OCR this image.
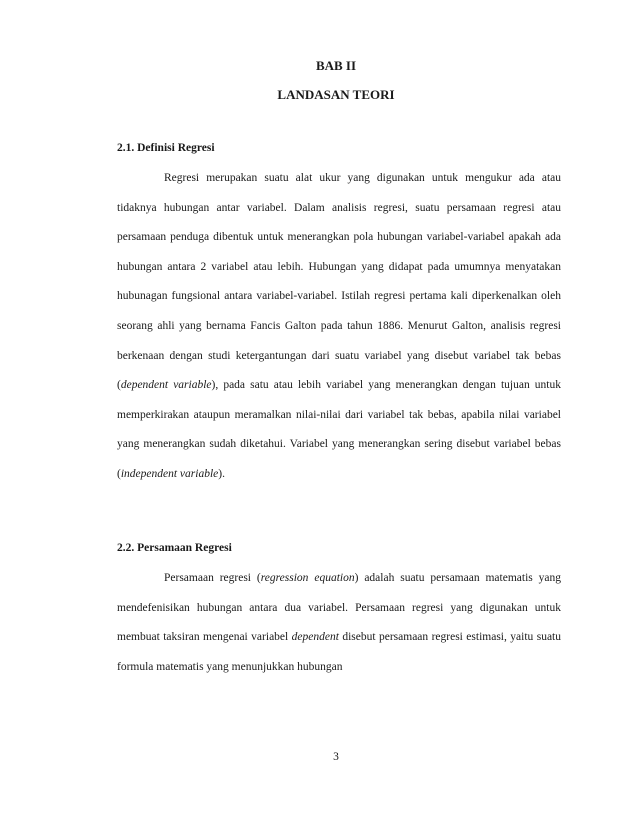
BAB II
LANDASAN TEORI
2.1. Definisi Regresi

Regresi merupakan suatu alat ukur yang digunakan untuk mengukur ada atau tidaknya hubungan antar variabel. Dalam analisis regresi, suatu persamaan regresi atau persamaan penduga dibentuk untuk menerangkan pola hubungan variabel-variabel apakah ada hubungan antara 2 variabel atau lebih. Hubungan yang didapat pada umumnya menyatakan hubunagan fungsional antara variabel-variabel. Istilah regresi pertama kali diperkenalkan oleh seorang ahli yang bernama Fancis Galton pada tahun 1886. Menurut Galton, analisis regresi berkenaan dengan studi ketergantungan dari suatu variabel yang disebut variabel tak bebas (dependent variable), pada satu atau lebih variabel yang menerangkan dengan tujuan untuk memperkirakan ataupun meramalkan nilai-nilai dari variabel tak bebas, apabila nilai variabel yang menerangkan sudah diketahui. Variabel yang menerangkan sering disebut variabel bebas (independent variable).

2.2. Persamaan Regresi

Persamaan regresi (regression equation) adalah suatu persamaan matematis yang mendefenisikan hubungan antara dua variabel. Persamaan regresi yang digunakan untuk membuat taksiran mengenai variabel dependent disebut persamaan regresi estimasi, yaitu suatu formula matematis yang menunjukkan hubungan

3
